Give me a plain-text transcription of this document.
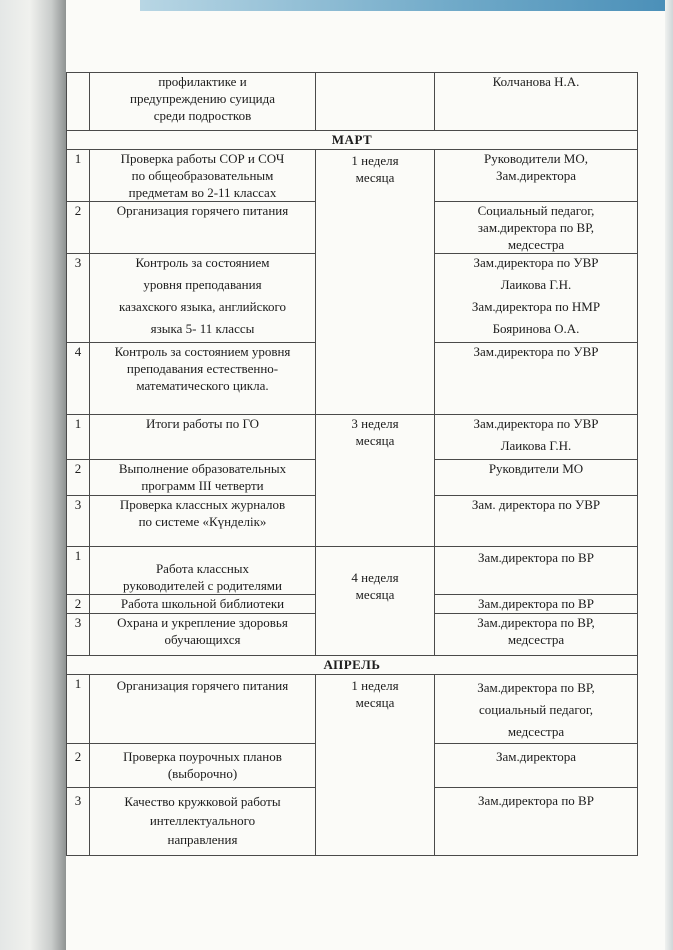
	профилактике и
предупреждению суицида
среди подростков		Колчанова Н.А.

МАРТ			
1	Проверка работы СОР и СОЧ
по общеобразовательным
предметам во 2-11 классах	1 неделя
месяца	Руководители МО,
Зам.директора

2	Организация горячего питания		Социальный педагог,
зам.директора по ВР,
медсестра

3	Контроль за состоянием
уровня преподавания
казахского языка, английского
языка 5- 11 классы		Зам.директора по УВР
Лаикова Г.Н.
Зам.директора по НМР
Бояринова О.А.

4	Контроль за состоянием уровня
преподавания естественно-
математического цикла.		Зам.директора по УВР

1	Итоги работы по ГО	3 неделя
месяца	Зам.директора по УВР
Лаикова Г.Н.

2	Выполнение образовательных
программ III четверти		Руковдители МО

3	Проверка классных журналов
по системе «Күнделік»		Зам. директора по УВР

1	Работа классных
руководителей с родителями	4 неделя
месяца	Зам.директора по ВР

2	Работа школьной библиотеки		Зам.директора по ВР

3	Охрана и укрепление здоровья
обучающихся		Зам.директора по ВР,
медсестра

АПРЕЛЬ			
1	Организация горячего питания	1 неделя
месяца	Зам.директора по ВР,
социальный педагог,
медсестра

2	Проверка поурочных планов
(выборочно)		Зам.директора

3	Качество кружковой работы
интеллектуального
направления		Зам.директора по ВР
